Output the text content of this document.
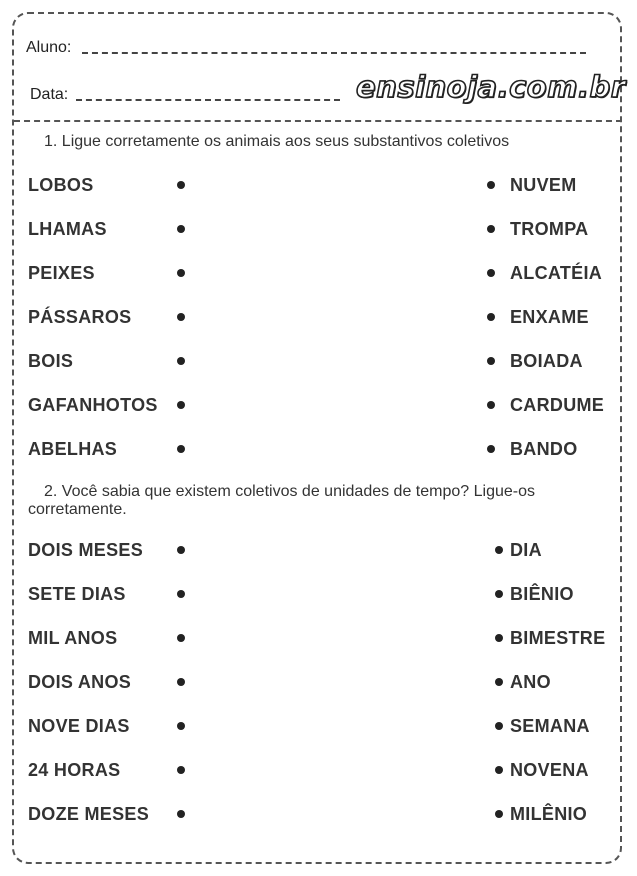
Aluno:
Data:	ensinoja.com.br
1. Ligue corretamente os animais aos seus substantivos coletivos
LOBOS
LHAMAS
PEIXES
PÁSSAROS
BOIS
GAFANHOTOS
ABELHAS
NUVEM
TROMPA
ALCATÉIA
ENXAME
BOIADA
CARDUME
BANDO
2. Você sabia que existem coletivos de unidades de tempo? Ligue-os
corretamente.
DOIS MESES
SETE DIAS
MIL ANOS
DOIS ANOS
NOVE DIAS
24 HORAS
DOZE MESES
DIA
BIÊNIO
BIMESTRE
ANO
SEMANA
NOVENA
MILÊNIO
